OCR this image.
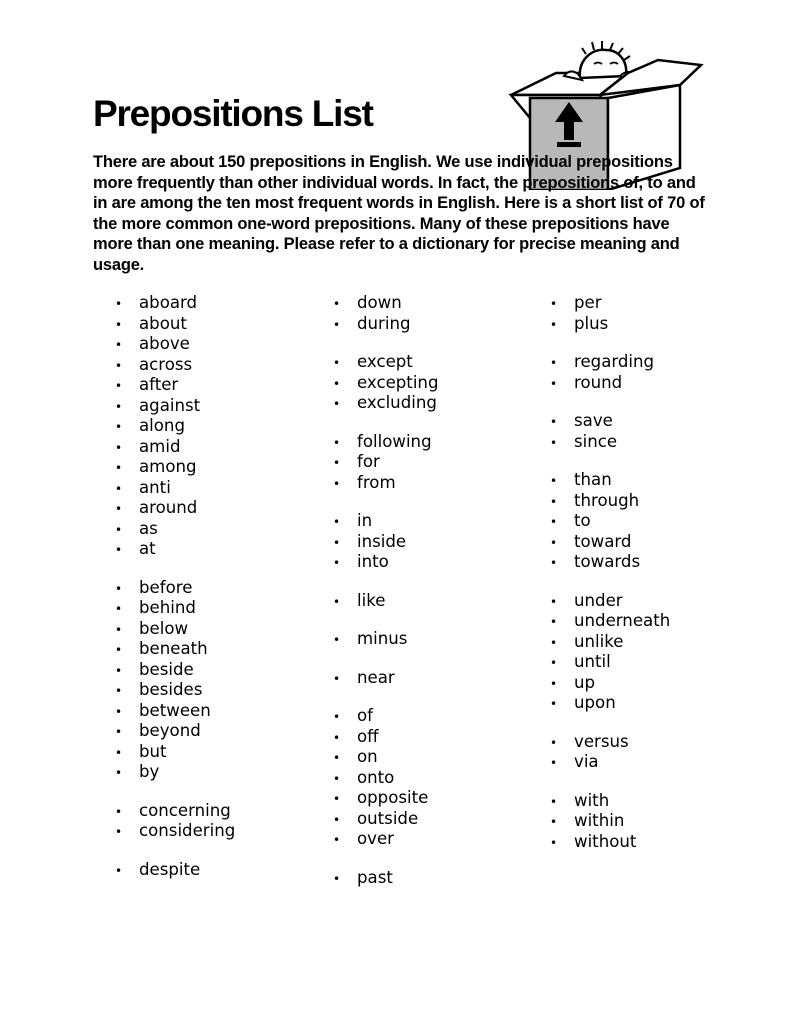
Prepositions List

There are about 150 prepositions in English. We use individual prepositions more frequently than other individual words. In fact, the prepositions of, to and in are among the ten most frequent words in English. Here is a short list of 70 of the more common one-word prepositions. Many of these prepositions have more than one meaning. Please refer to a dictionary for precise meaning and usage.

• aboard
• about
• above
• across
• after
• against
• along
• amid
• among
• anti
• around
• as
• at
• before
• behind
• below
• beneath
• beside
• besides
• between
• beyond
• but
• by
• concerning
• considering
• despite
• down
• during
• except
• excepting
• excluding
• following
• for
• from
• in
• inside
• into
• like
• minus
• near
• of
• off
• on
• onto
• opposite
• outside
• over
• past
• per
• plus
• regarding
• round
• save
• since
• than
• through
• to
• toward
• towards
• under
• underneath
• unlike
• until
• up
• upon
• versus
• via
• with
• within
• without
